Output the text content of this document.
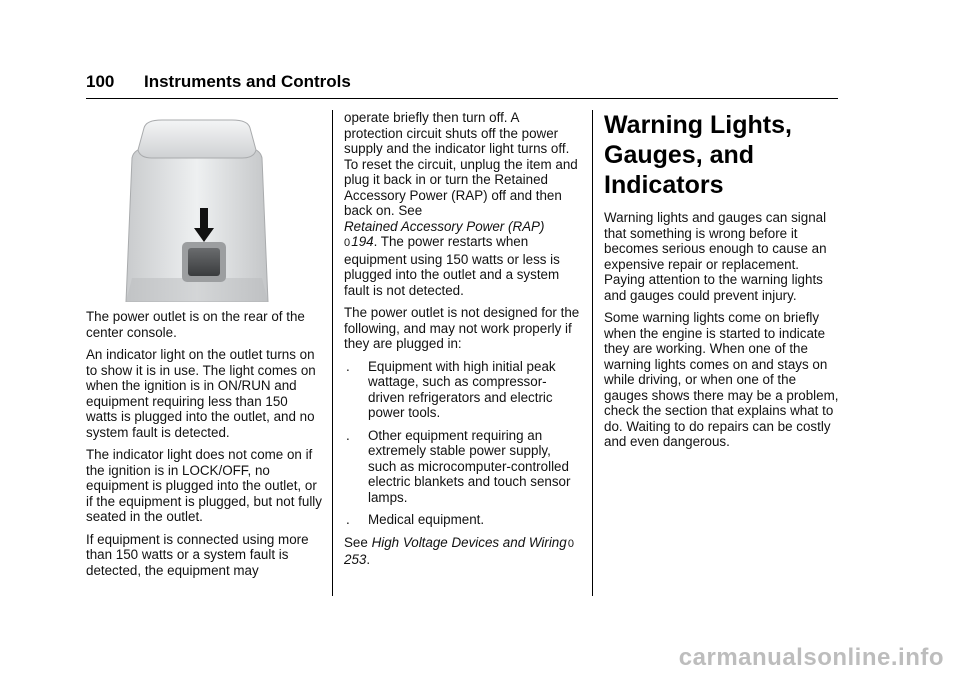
100 Instruments and Controls

The power outlet is on the rear of the center console.

An indicator light on the outlet turns on to show it is in use. The light comes on when the ignition is in ON/RUN and equipment requiring less than 150 watts is plugged into the outlet, and no system fault is detected.

The indicator light does not come on if the ignition is in LOCK/OFF, no equipment is plugged into the outlet, or if the equipment is plugged, but not fully seated in the outlet.

If equipment is connected using more than 150 watts or a system fault is detected, the equipment may

operate briefly then turn off. A protection circuit shuts off the power supply and the indicator light turns off. To reset the circuit, unplug the item and plug it back in or turn the Retained Accessory Power (RAP) off and then back on. See
Retained Accessory Power (RAP)
0 194. The power restarts when equipment using 150 watts or less is plugged into the outlet and a system fault is not detected.

The power outlet is not designed for the following, and may not work properly if they are plugged in:

. Equipment with high initial peak wattage, such as compressor-driven refrigerators and electric power tools.
. Other equipment requiring an extremely stable power supply, such as microcomputer-controlled electric blankets and touch sensor lamps.
. Medical equipment.

See High Voltage Devices and Wiring 0 253.

Warning Lights, Gauges, and Indicators

Warning lights and gauges can signal that something is wrong before it becomes serious enough to cause an expensive repair or replacement. Paying attention to the warning lights and gauges could prevent injury.

Some warning lights come on briefly when the engine is started to indicate they are working. When one of the warning lights comes on and stays on while driving, or when one of the gauges shows there may be a problem, check the section that explains what to do. Waiting to do repairs can be costly and even dangerous.

carmanualsonline.info
